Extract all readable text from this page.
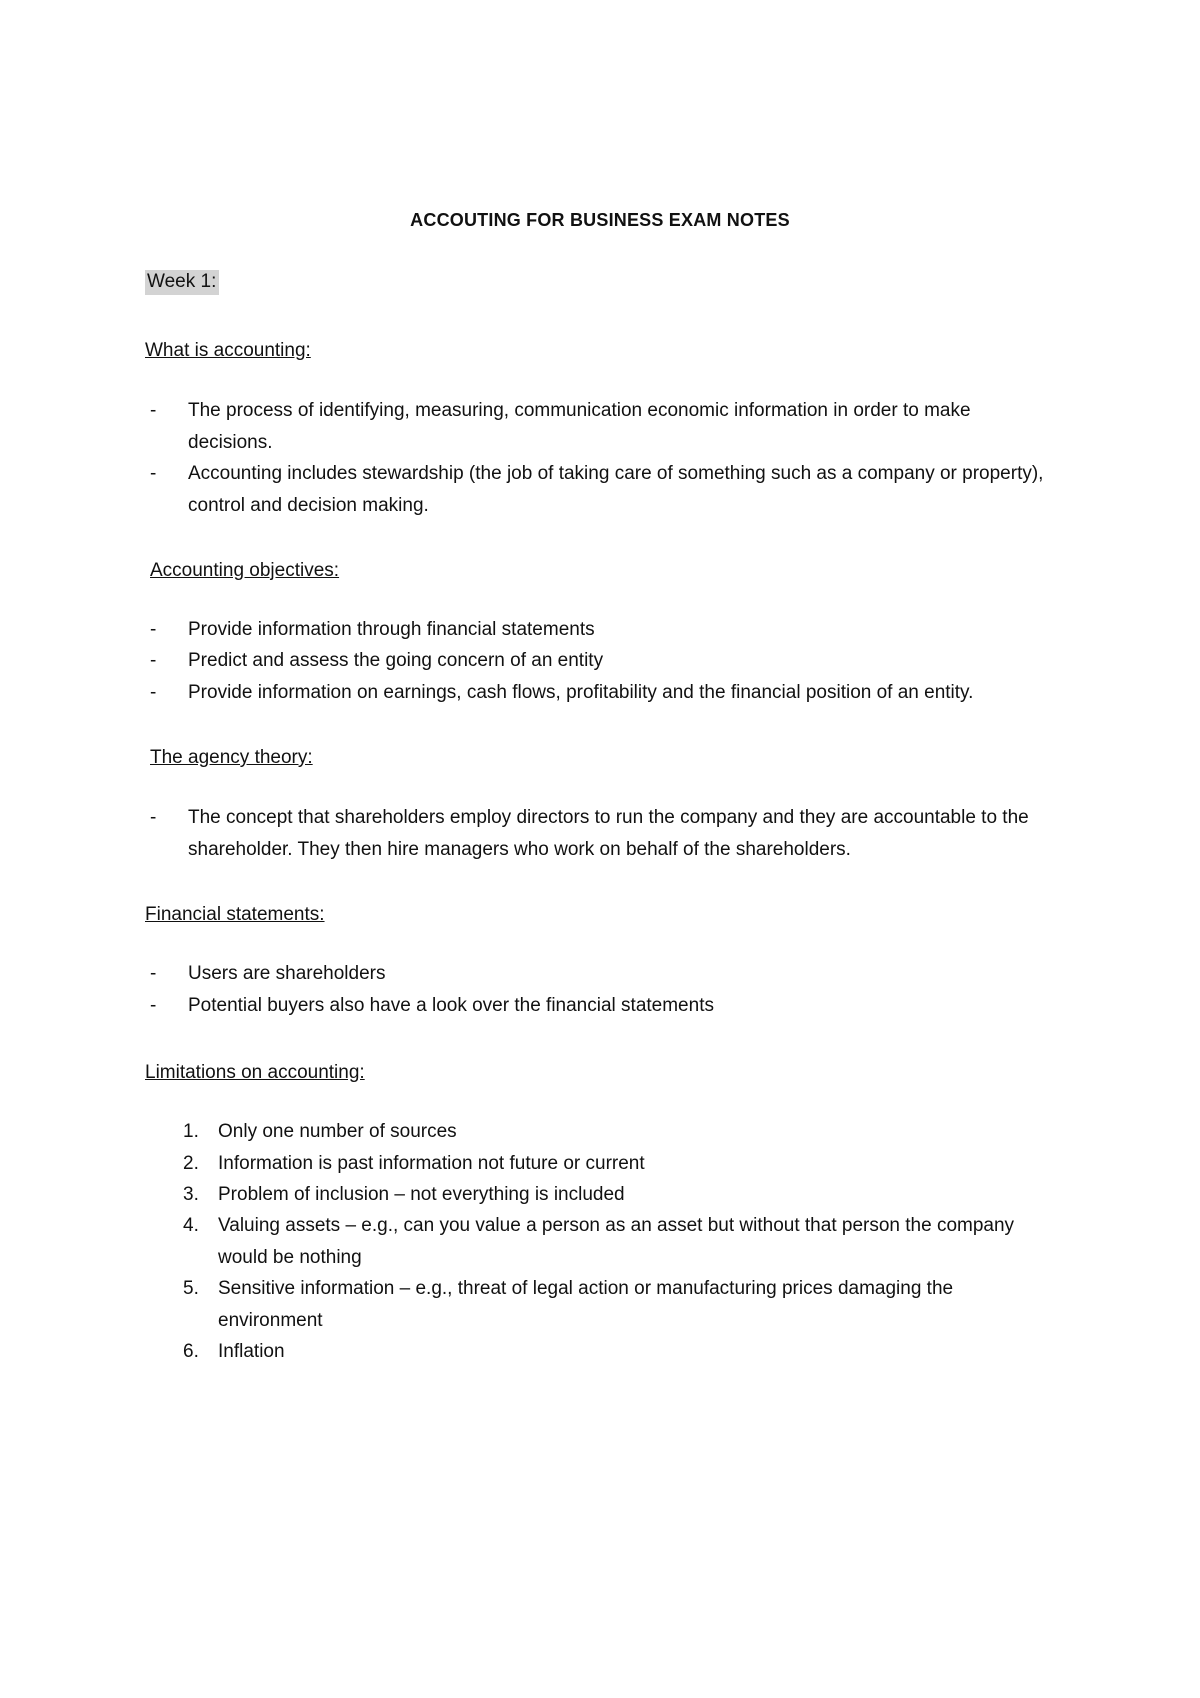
ACCOUTING FOR BUSINESS EXAM NOTES
Week 1:
What is accounting:
- The process of identifying, measuring, communication economic information in order to make decisions.
- Accounting includes stewardship (the job of taking care of something such as a company or property), control and decision making.
Accounting objectives:
- Provide information through financial statements
- Predict and assess the going concern of an entity
- Provide information on earnings, cash flows, profitability and the financial position of an entity.
The agency theory:
- The concept that shareholders employ directors to run the company and they are accountable to the shareholder. They then hire managers who work on behalf of the shareholders.
Financial statements:
- Users are shareholders
- Potential buyers also have a look over the financial statements
Limitations on accounting:
1. Only one number of sources
2. Information is past information not future or current
3. Problem of inclusion – not everything is included
4. Valuing assets – e.g., can you value a person as an asset but without that person the company would be nothing
5. Sensitive information – e.g., threat of legal action or manufacturing prices damaging the environment
6. Inflation
